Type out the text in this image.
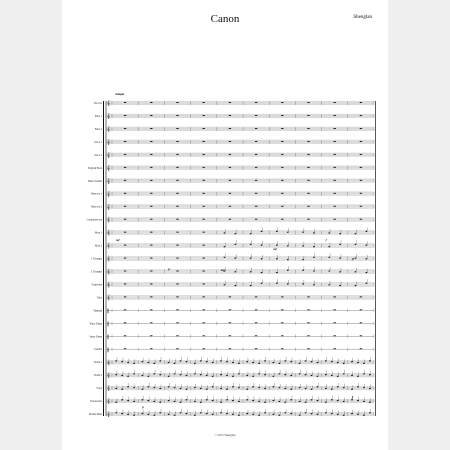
Canon	Shenglan
Adagio
Piccolo 𝄞
Flute 1 𝄞
Flute 2 𝄞
Oboe 1 𝄞
Oboe 2 𝄞
English Horn 𝄞
Bass Clarinet 𝄞
Bassoon 1 𝄞
Bassoon 2 𝄞
Contrabassoon 𝄞
Horn 1 𝄞
Horn 2 𝄞
C Trumpet 𝄞
C Trumpet 𝄞
Trombone 𝄞
Tuba 𝄞
Timpani ‖
Tenor Drum ‖
Snare Drum ‖
Cymbal ‖
Violin 1 𝄞
Violin 2 𝄞
Viola 𝄞
Violoncello 𝄞
Double Bass 𝄞
mf
p	mp
mf
f
ff
p
f
© 2013 Shenglan
